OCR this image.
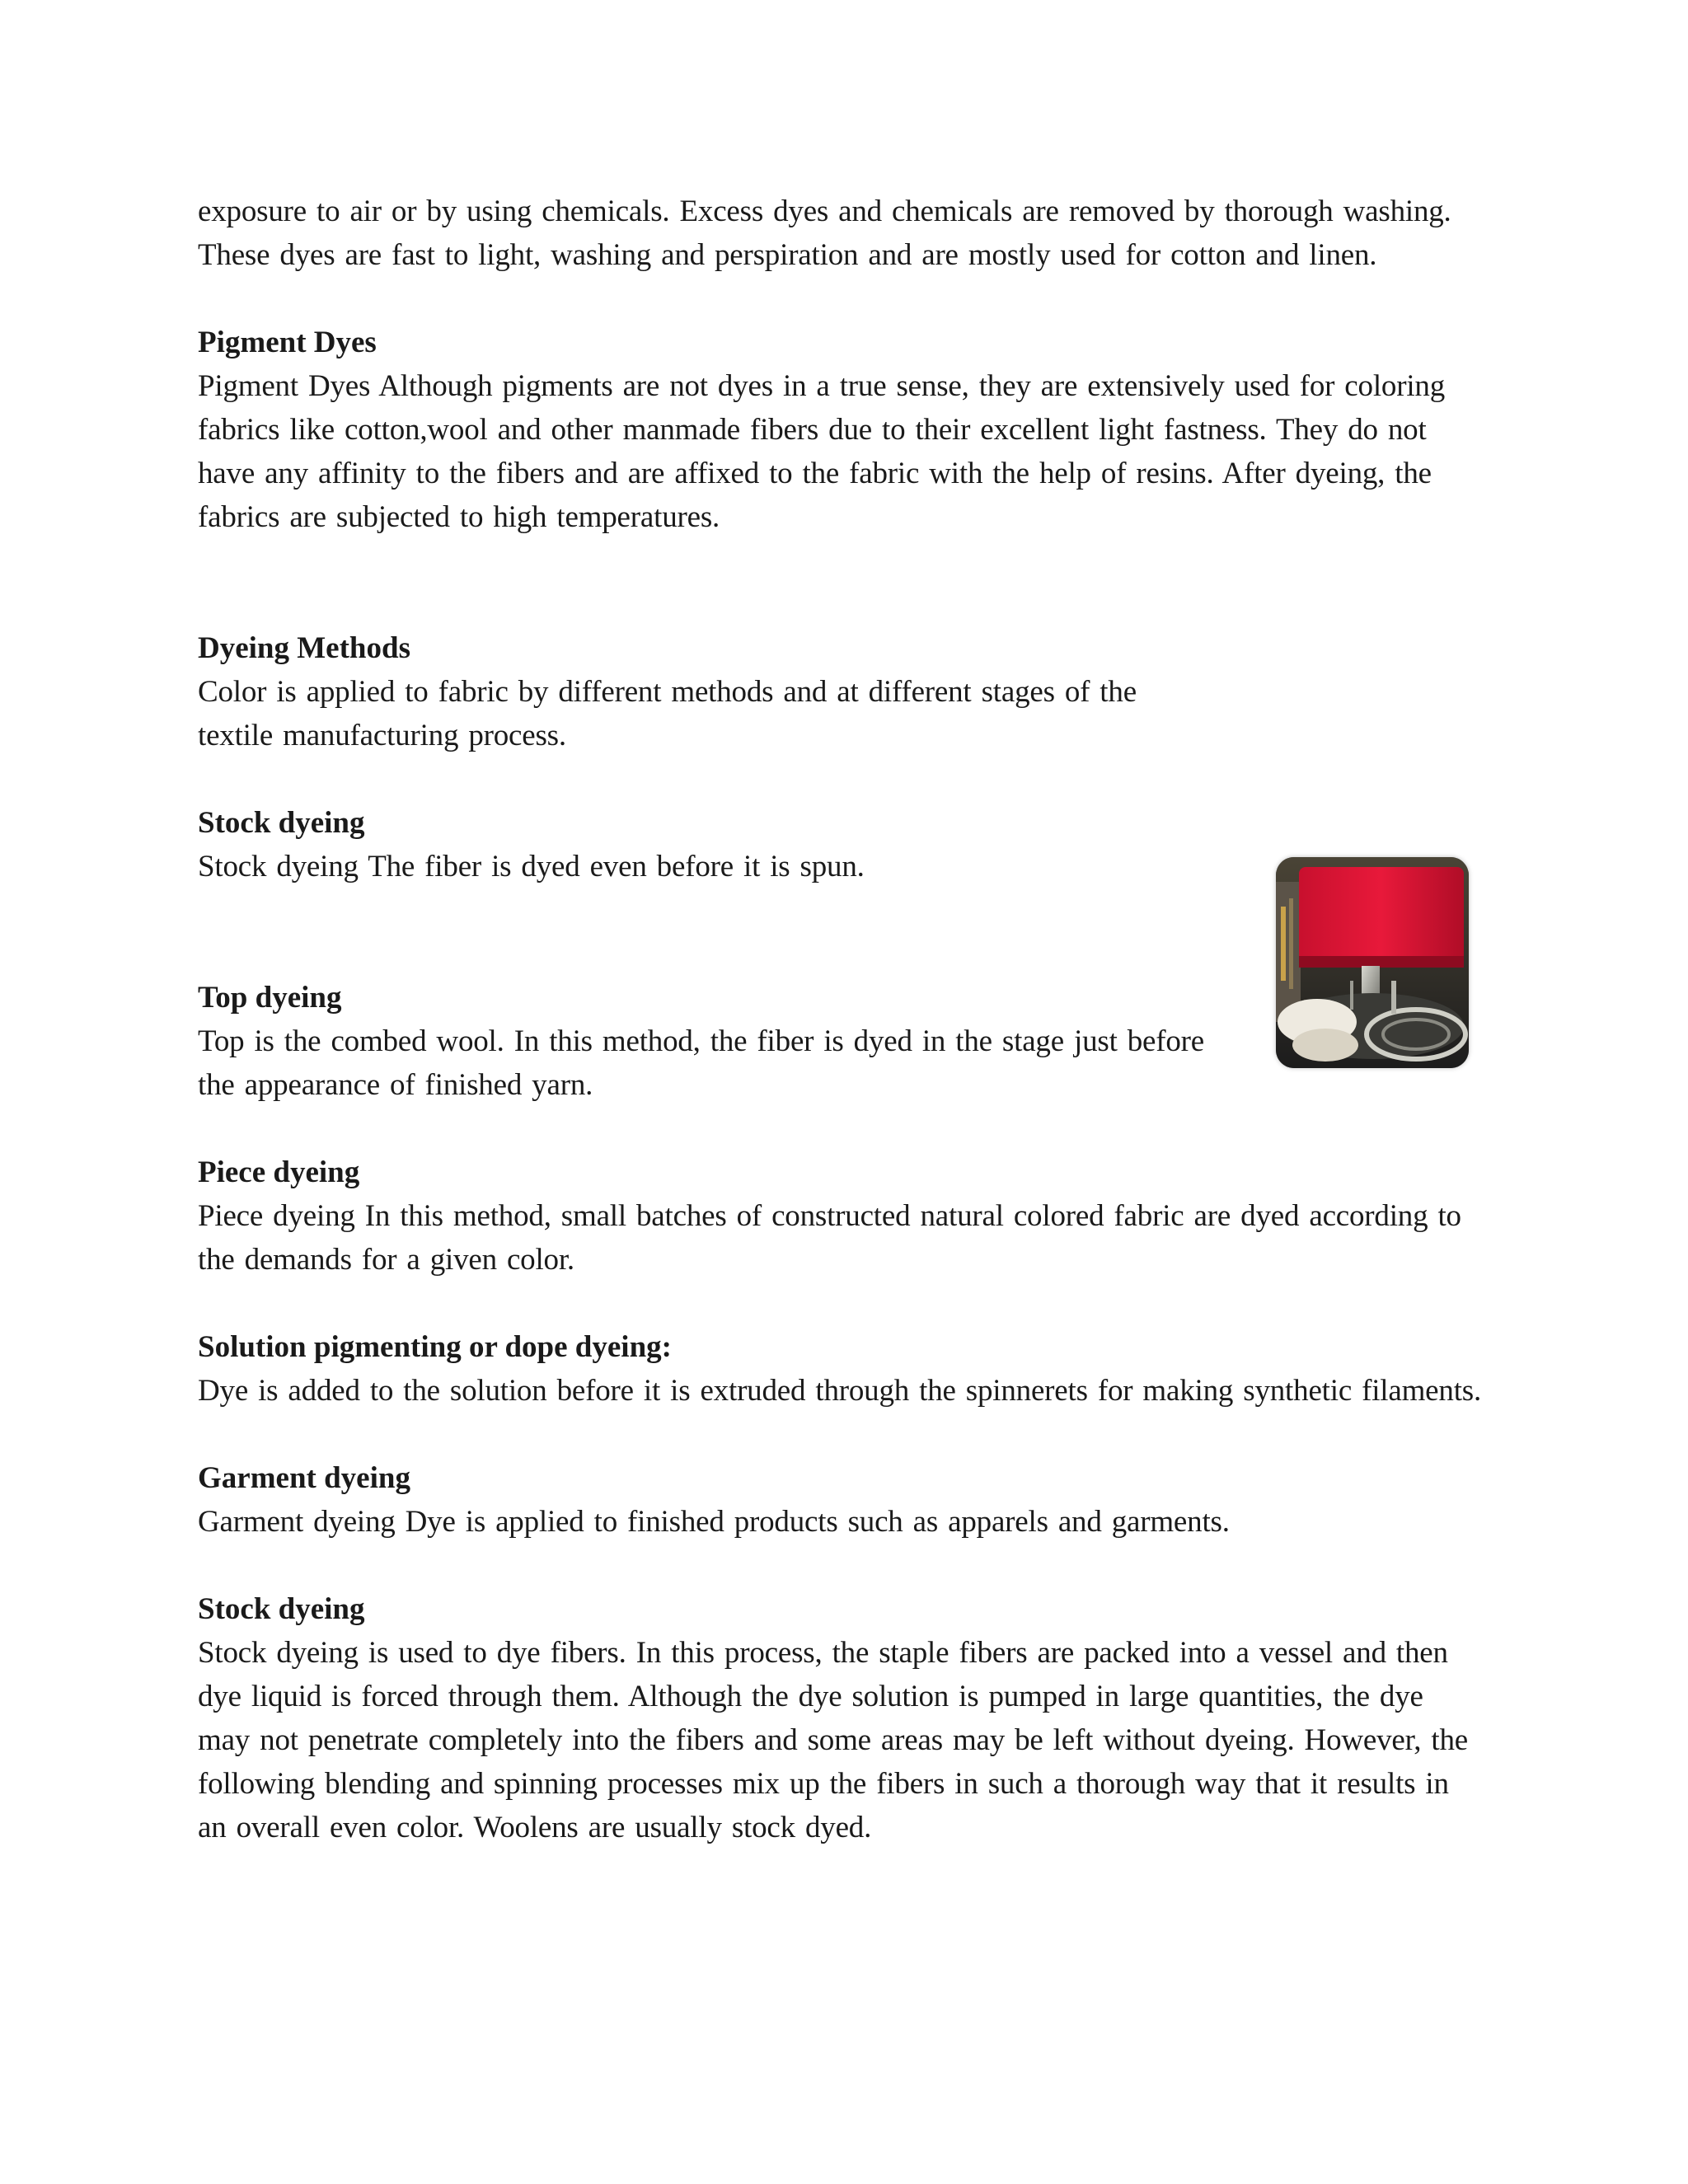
exposure to air or by using chemicals. Excess dyes and chemicals are removed by thorough washing. These dyes are fast to light, washing and perspiration and are mostly used for cotton and linen.

Pigment Dyes

Pigment Dyes Although pigments are not dyes in a true sense, they are extensively used for coloring fabrics like cotton,wool and other manmade fibers due to their excellent light fastness. They do not have any affinity to the fibers and are affixed to the fabric with the help of resins. After dyeing, the fabrics are subjected to high temperatures.

Dyeing Methods

Color is applied to fabric by different methods and at different stages of the textile manufacturing process.

Stock dyeing

Stock dyeing The fiber is dyed even before it is spun.

Top dyeing

Top is the combed wool. In this method, the fiber is dyed in the stage just before the appearance of finished yarn.

Piece dyeing

Piece dyeing In this method, small batches of constructed natural colored fabric are dyed according to the demands for a given color.

Solution pigmenting or dope dyeing:

Dye is added to the solution before it is extruded through the spinnerets for making synthetic filaments.

Garment dyeing

Garment dyeing Dye is applied to finished products such as apparels and garments.

Stock dyeing

Stock dyeing is used to dye fibers. In this process, the staple fibers are packed into a vessel and then dye liquid is forced through them. Although the dye solution is pumped in large quantities, the dye may not penetrate completely into the fibers and some areas may be left without dyeing. However, the following blending and spinning processes mix up the fibers in such a thorough way that it results in an overall even color. Woolens are usually stock dyed.
